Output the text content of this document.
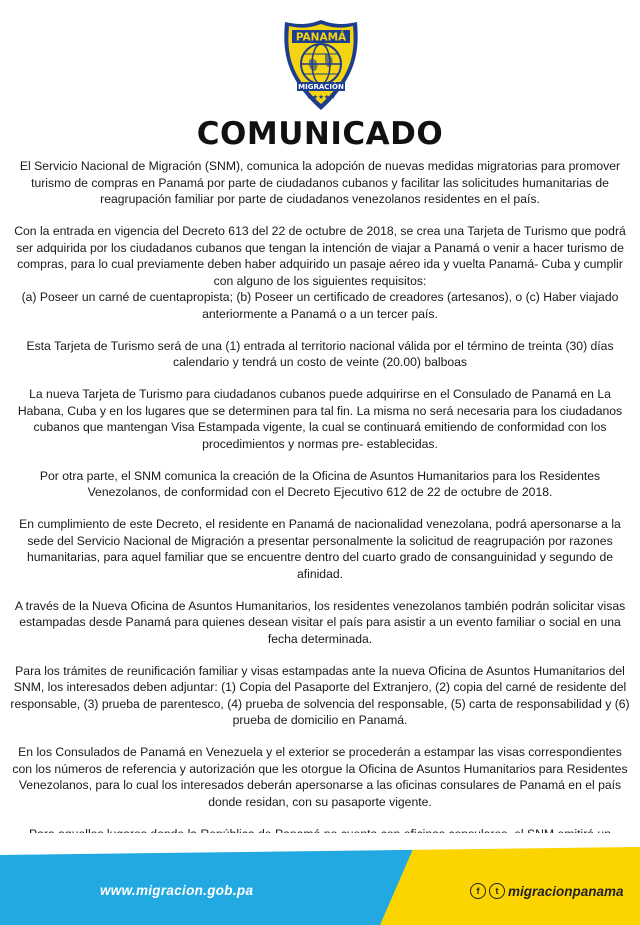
PANAMÁ
MIGRACIÓN
★★★★★
COMUNICADO

El Servicio Nacional de Migración (SNM), comunica la adopción de nuevas medidas migratorias para promover turismo de compras en Panamá por parte de ciudadanos cubanos y facilitar las solicitudes humanitarias de reagrupación familiar por parte de ciudadanos venezolanos residentes en el país.

Con la entrada en vigencia del Decreto 613 del 22 de octubre de 2018, se crea una Tarjeta de Turismo que podrá ser adquirida por los ciudadanos cubanos que tengan la intención de viajar a Panamá o venir a hacer turismo de compras, para lo cual previamente deben haber adquirido un pasaje aéreo ida y vuelta Panamá- Cuba y cumplir con alguno de los siguientes requisitos:
(a) Poseer un carné de cuentapropista; (b) Poseer un certificado de creadores (artesanos), o (c) Haber viajado anteriormente a Panamá o a un tercer país.

Esta Tarjeta de Turismo será de una (1) entrada al territorio nacional válida por el término de treinta (30) días calendario y tendrá un costo de veinte (20.00) balboas

La nueva Tarjeta de Turismo para ciudadanos cubanos puede adquirirse en el Consulado de Panamá en La Habana, Cuba y en los lugares que se determinen para tal fin. La misma no será necesaria para los ciudadanos cubanos que mantengan Visa Estampada vigente, la cual se continuará emitiendo de conformidad con los procedimientos y normas pre- establecidas.

Por otra parte, el SNM comunica la creación de la Oficina de Asuntos Humanitarios para los Residentes Venezolanos, de conformidad con el Decreto Ejecutivo 612 de 22 de octubre de 2018.

En cumplimiento de este Decreto, el residente en Panamá de nacionalidad venezolana, podrá apersonarse a la sede del Servicio Nacional de Migración a presentar personalmente la solicitud de reagrupación por razones humanitarias, para aquel familiar que se encuentre dentro del cuarto grado de consanguinidad y segundo de afinidad.

A través de la Nueva Oficina de Asuntos Humanitarios, los residentes venezolanos también podrán solicitar visas estampadas desde Panamá para quienes desean visitar el país para asistir a un evento familiar o social en una fecha determinada.

Para los trámites de reunificación familiar y visas estampadas ante la nueva Oficina de Asuntos Humanitarios del SNM, los interesados deben adjuntar: (1) Copia del Pasaporte del Extranjero, (2) copia del carné de residente del responsable, (3) prueba de parentesco, (4) prueba de solvencia del responsable, (5) carta de responsabilidad y (6) prueba de domicilio en Panamá.

En los Consulados de Panamá en Venezuela y el exterior se procederán a estampar las visas correspondientes con los números de referencia y autorización que les otorgue la Oficina de Asuntos Humanitarios para Residentes Venezolanos, para lo cual los interesados deberán apersonarse a las oficinas consulares de Panamá en el país donde residan, con su pasaporte vigente.

www.migracion.gob.pa	f	t migracionpanama
